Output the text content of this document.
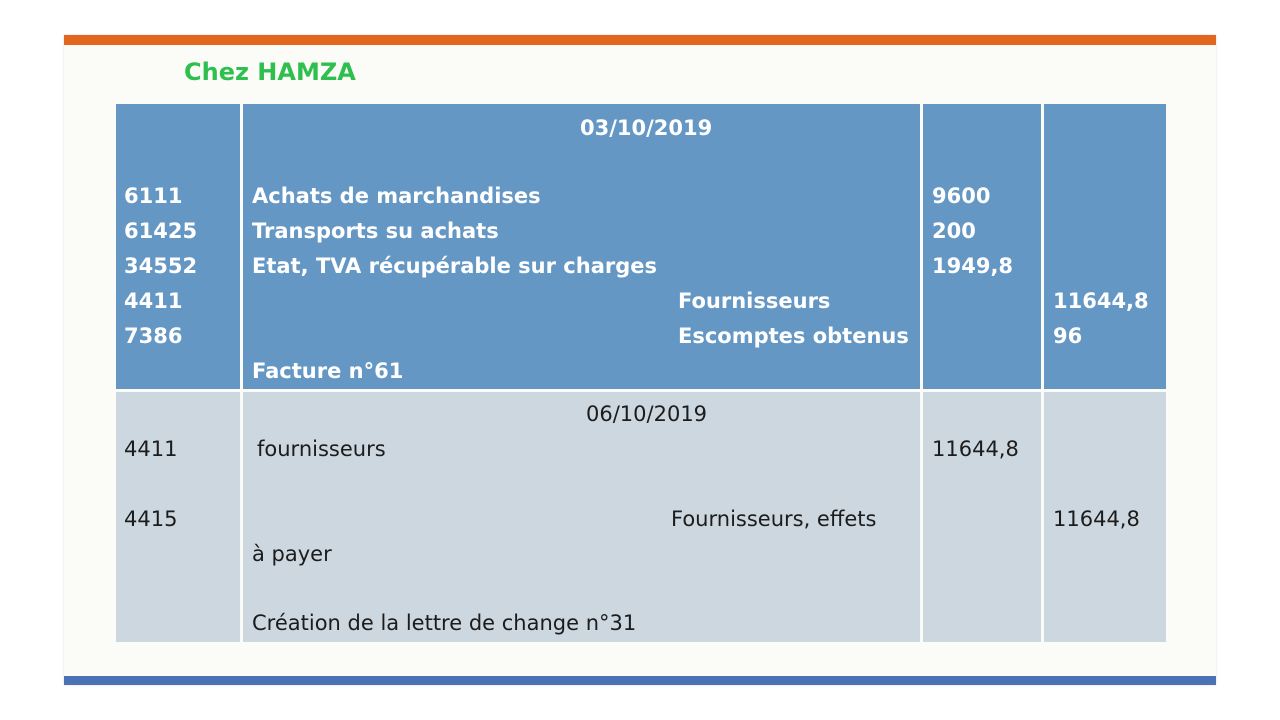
Chez HAMZA
03/10/2019
6111
61425
34552
4411
7386
Achats de marchandises
Transports su achats
Etat, TVA récupérable sur charges
Fournisseurs
Escomptes obtenus
Facture n°61
9600
200
1949,8
11644,8
96
06/10/2019
4411
4415
fournisseurs
Fournisseurs, effets
à payer
Création de la lettre de change n°31
11644,8
11644,8
